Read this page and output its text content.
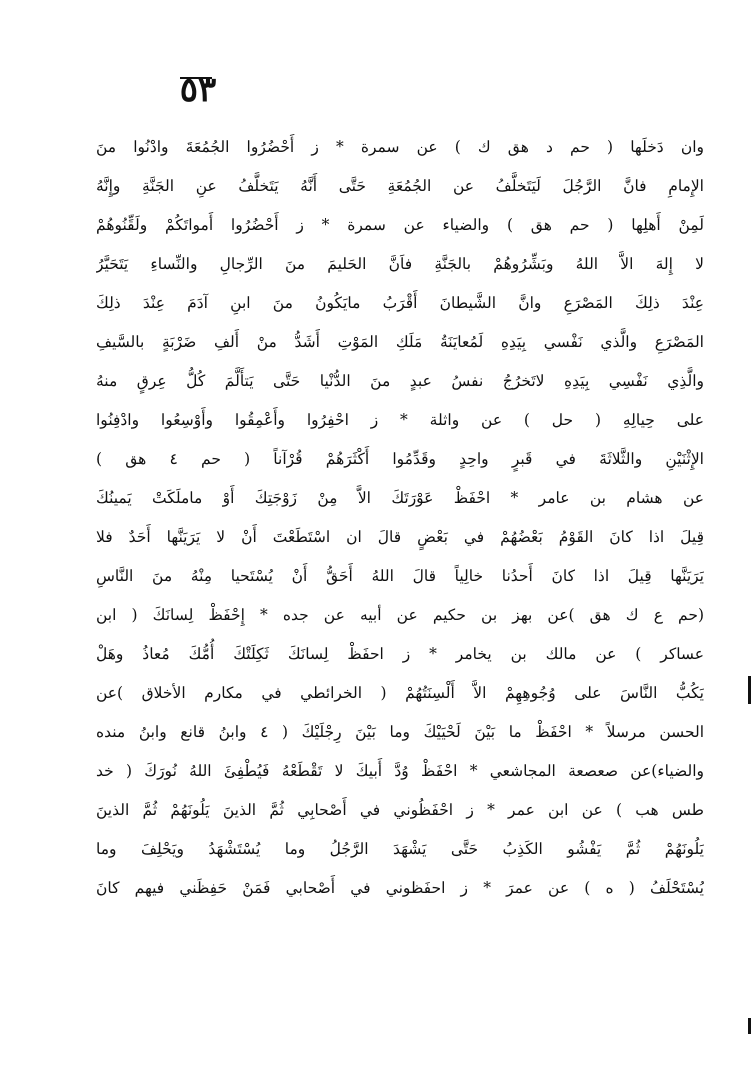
٥٣
وان دَخلَها ( حم د هق ك ) عن سمرة * ز أَحْضُرُوا الجُمُعَةَ وادْنُوا منَ
الإِمامِ فانَّ الرَّجُلَ لَيَتَخلَّفُ عن الجُمُعَةِ حَتَّى أَنَّهُ يَتَخلَّفُ عنِ الجَنَّةِ وإِنَّهُ
لَمِنْ أَهلِها ( حم هق ) والضياء عن سمرة * ز أَحْضُرُوا أَمواتَكُمْ ولَقِّنُوهُمْ
لا إِلهَ الاَّ اللهُ وبَشِّرُوهُمْ بالجَنَّةِ فاَنَّ الحَليمَ منَ الرِّجالِ والنِّساءِ يَتَحَيَّرُ
عِنْدَ ذلِكَ المَصْرَعِ وانَّ الشَّيطانَ أَقْرَبُ مايَكُونُ منَ ابنِ آدَمَ عِنْدَ ذلِكَ
المَصْرَعِ والَّذي نَفْسي بِيَدِهِ لَمُعايَنَةُ مَلَكِ المَوْتِ أَشَدُّ منْ أَلفِ ضَرْبَةٍ بالسَّيفِ
والَّذِي نَفْسِي بِيَدِهِ لاتَخرُجُ نفسُ عبدٍ منَ الدُّنْيا حَتَّى يَتأَلَّمَ كُلُّ عِرقٍ منهُ
على حِيالِهِ ( حل ) عن واثلة * ز احْفِرُوا وأَعْمِقُوا وأَوْسِعُوا وادْفِنُوا
الإِثْنَيْنِ والثَّلاثَةَ في قَبرٍ واحِدٍ وقَدِّمُوا أَكْثَرَهُمْ قُرْآناً ( حم ٤ هق )
عن هشام بن عامر * احْفَظْ عَوْرَتَكَ الاَّ مِنْ زَوْجَتِكَ أَوْ ماملَكَتْ يَمينُكَ
قِيلَ اذا كانَ القَوْمُ بَعْضُهُمْ في بَعْضٍ قالَ ان اسْتَطَعْتَ أَنْ لا يَرَيَنَّها أَحَدٌ فلا
يَرَيَنَّها قِيلَ اذا كانَ أَحدُنا خالِياً قالَ اللهُ أَحَقُّ أَنْ يُسْتَحيا مِنْهُ منَ النَّاسِ
(حم ع ك هق )عن بهز بن حكيم عن أبيه عن جده * إِحْفَظْ لِسانَكَ ( ابن
عساكر ) عن مالك بن يخامر * ز احفَظْ لِسانَكَ ثَكِلَتْكَ أُمُّكَ مُعاذُ وهَلْ
يَكُبُّ النَّاسَ على وُجُوهِهِمْ الاَّ أَلْسِنَتُهُمْ ( الخرائطي في مكارم الأخلاق )عن
الحسن مرسلاً * احْفَظْ ما بَيْنَ لَحْيَيْكَ وما بَيْنَ رِجْلَيْكَ ( ٤ وابنُ قانع وابنُ منده
والضياء)عن صعصعة المجاشعي * احْفَظْ وُدَّ أَبيكَ لا تَقْطَعْهُ فَيُطْفِئَ اللهُ نُورَكَ ( خد
طس هب ) عن ابن عمر * ز احْفَظُوني في أَصْحابِي ثُمَّ الذينَ يَلُونَهُمْ ثُمَّ الذينَ
يَلُونَهُمْ ثُمَّ يَفْشُو الكَذِبُ حَتَّى يَشْهَدَ الرَّجُلُ وما يُسْتَشْهَدُ ويَحْلِفَ وما
يُسْتَحْلَفُ ( ه ) عن عمرَ * ز احفَظوني في أَصْحابي فَمَنْ حَفِظَني فيهم كانَ
